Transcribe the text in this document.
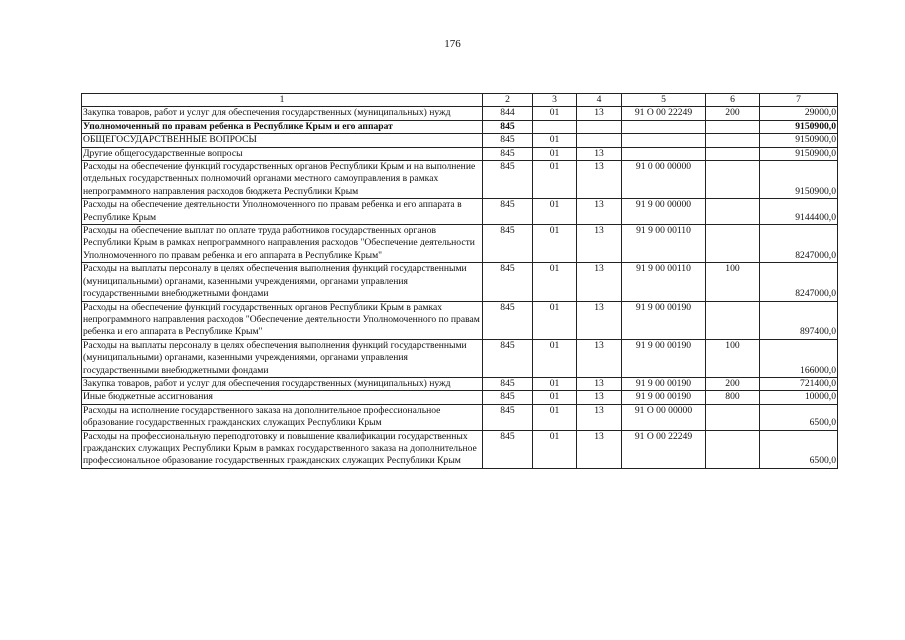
176
1	2	3	4	5	6	7
Закупка товаров, работ и услуг для обеспечения государственных (муниципальных) нужд	844	01	13	91 О 00 22249	200	29000,0
Уполномоченный по правам ребенка в Республике Крым и его аппарат	845					9150900,0
ОБЩЕГОСУДАРСТВЕННЫЕ ВОПРОСЫ	845	01				9150900,0
Другие общегосударственные вопросы	845	01	13			9150900,0
Расходы на обеспечение функций государственных органов Республики Крым и на выполнение отдельных государственных полномочий органами местного самоуправления в рамках непрограммного направления расходов бюджета Республики Крым	845	01	13	91 0 00 00000		9150900,0
Расходы на обеспечение деятельности Уполномоченного по правам ребенка и его аппарата в Республике Крым	845	01	13	91 9 00 00000		9144400,0
Расходы на обеспечение выплат по оплате труда работников государственных органов Республики Крым в рамках непрограммного направления расходов "Обеспечение деятельности Уполномоченного по правам ребенка и его аппарата в Республике Крым"	845	01	13	91 9 00 00110		8247000,0
Расходы на выплаты персоналу в целях обеспечения выполнения функций государственными (муниципальными) органами, казенными учреждениями, органами управления государственными внебюджетными фондами	845	01	13	91 9 00 00110	100	8247000,0
Расходы на обеспечение функций государственных органов Республики Крым в рамках непрограммного направления расходов "Обеспечение деятельности Уполномоченного по правам ребенка и его аппарата в Республике Крым"	845	01	13	91 9 00 00190		897400,0
Расходы на выплаты персоналу в целях обеспечения выполнения функций государственными (муниципальными) органами, казенными учреждениями, органами управления государственными внебюджетными фондами	845	01	13	91 9 00 00190	100	166000,0
Закупка товаров, работ и услуг для обеспечения государственных (муниципальных) нужд	845	01	13	91 9 00 00190	200	721400,0
Иные бюджетные ассигнования	845	01	13	91 9 00 00190	800	10000,0
Расходы на исполнение государственного заказа на дополнительное профессиональное образование государственных гражданских служащих Республики Крым	845	01	13	91 О 00 00000		6500,0
Расходы на профессиональную переподготовку и повышение квалификации государственных гражданских служащих Республики Крым в рамках государственного заказа на дополнительное профессиональное образование государственных гражданских служащих Республики Крым	845	01	13	91 О 00 22249		6500,0
